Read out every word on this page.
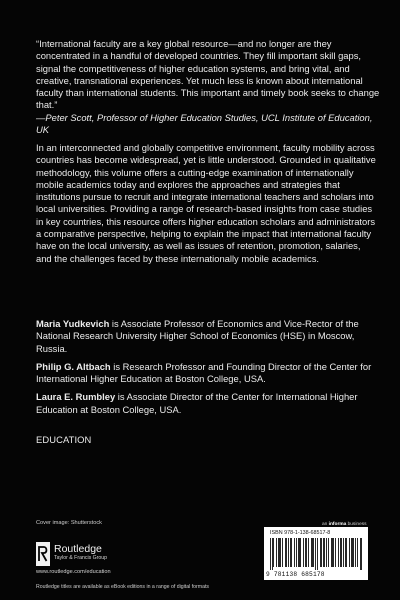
“International faculty are a key global resource—and no longer are they concentrated in a handful of developed countries. They fill important skill gaps, signal the competitiveness of higher education systems, and bring vital, and creative, transnational experiences. Yet much less is known about international faculty than international students. This important and timely book seeks to change that.”
—Peter Scott, Professor of Higher Education Studies, UCL Institute of Education, UK
In an interconnected and globally competitive environment, faculty mobility across countries has become widespread, yet is little understood. Grounded in qualitative methodology, this volume offers a cutting-edge examination of internationally mobile academics today and explores the approaches and strategies that institutions pursue to recruit and integrate international teachers and scholars into local universities. Providing a range of research-based insights from case studies in key countries, this resource offers higher education scholars and administrators a comparative perspective, helping to explain the impact that international faculty have on the local university, as well as issues of retention, promotion, salaries, and the challenges faced by these internationally mobile academics.

Maria Yudkevich is Associate Professor of Economics and Vice-Rector of the National Research University Higher School of Economics (HSE) in Moscow, Russia.

Philip G. Altbach is Research Professor and Founding Director of the Center for International Higher Education at Boston College, USA.

Laura E. Rumbley is Associate Director of the Center for International Higher Education at Boston College, USA.

EDUCATION
Cover image: Shutterstock
Routledge
Taylor & Francis Group
www.routledge.com/education
Routledge titles are available as eBook editions in a range of digital formats
an informa business
ISBN 978-1-138-68517-8
9 781138 685178
